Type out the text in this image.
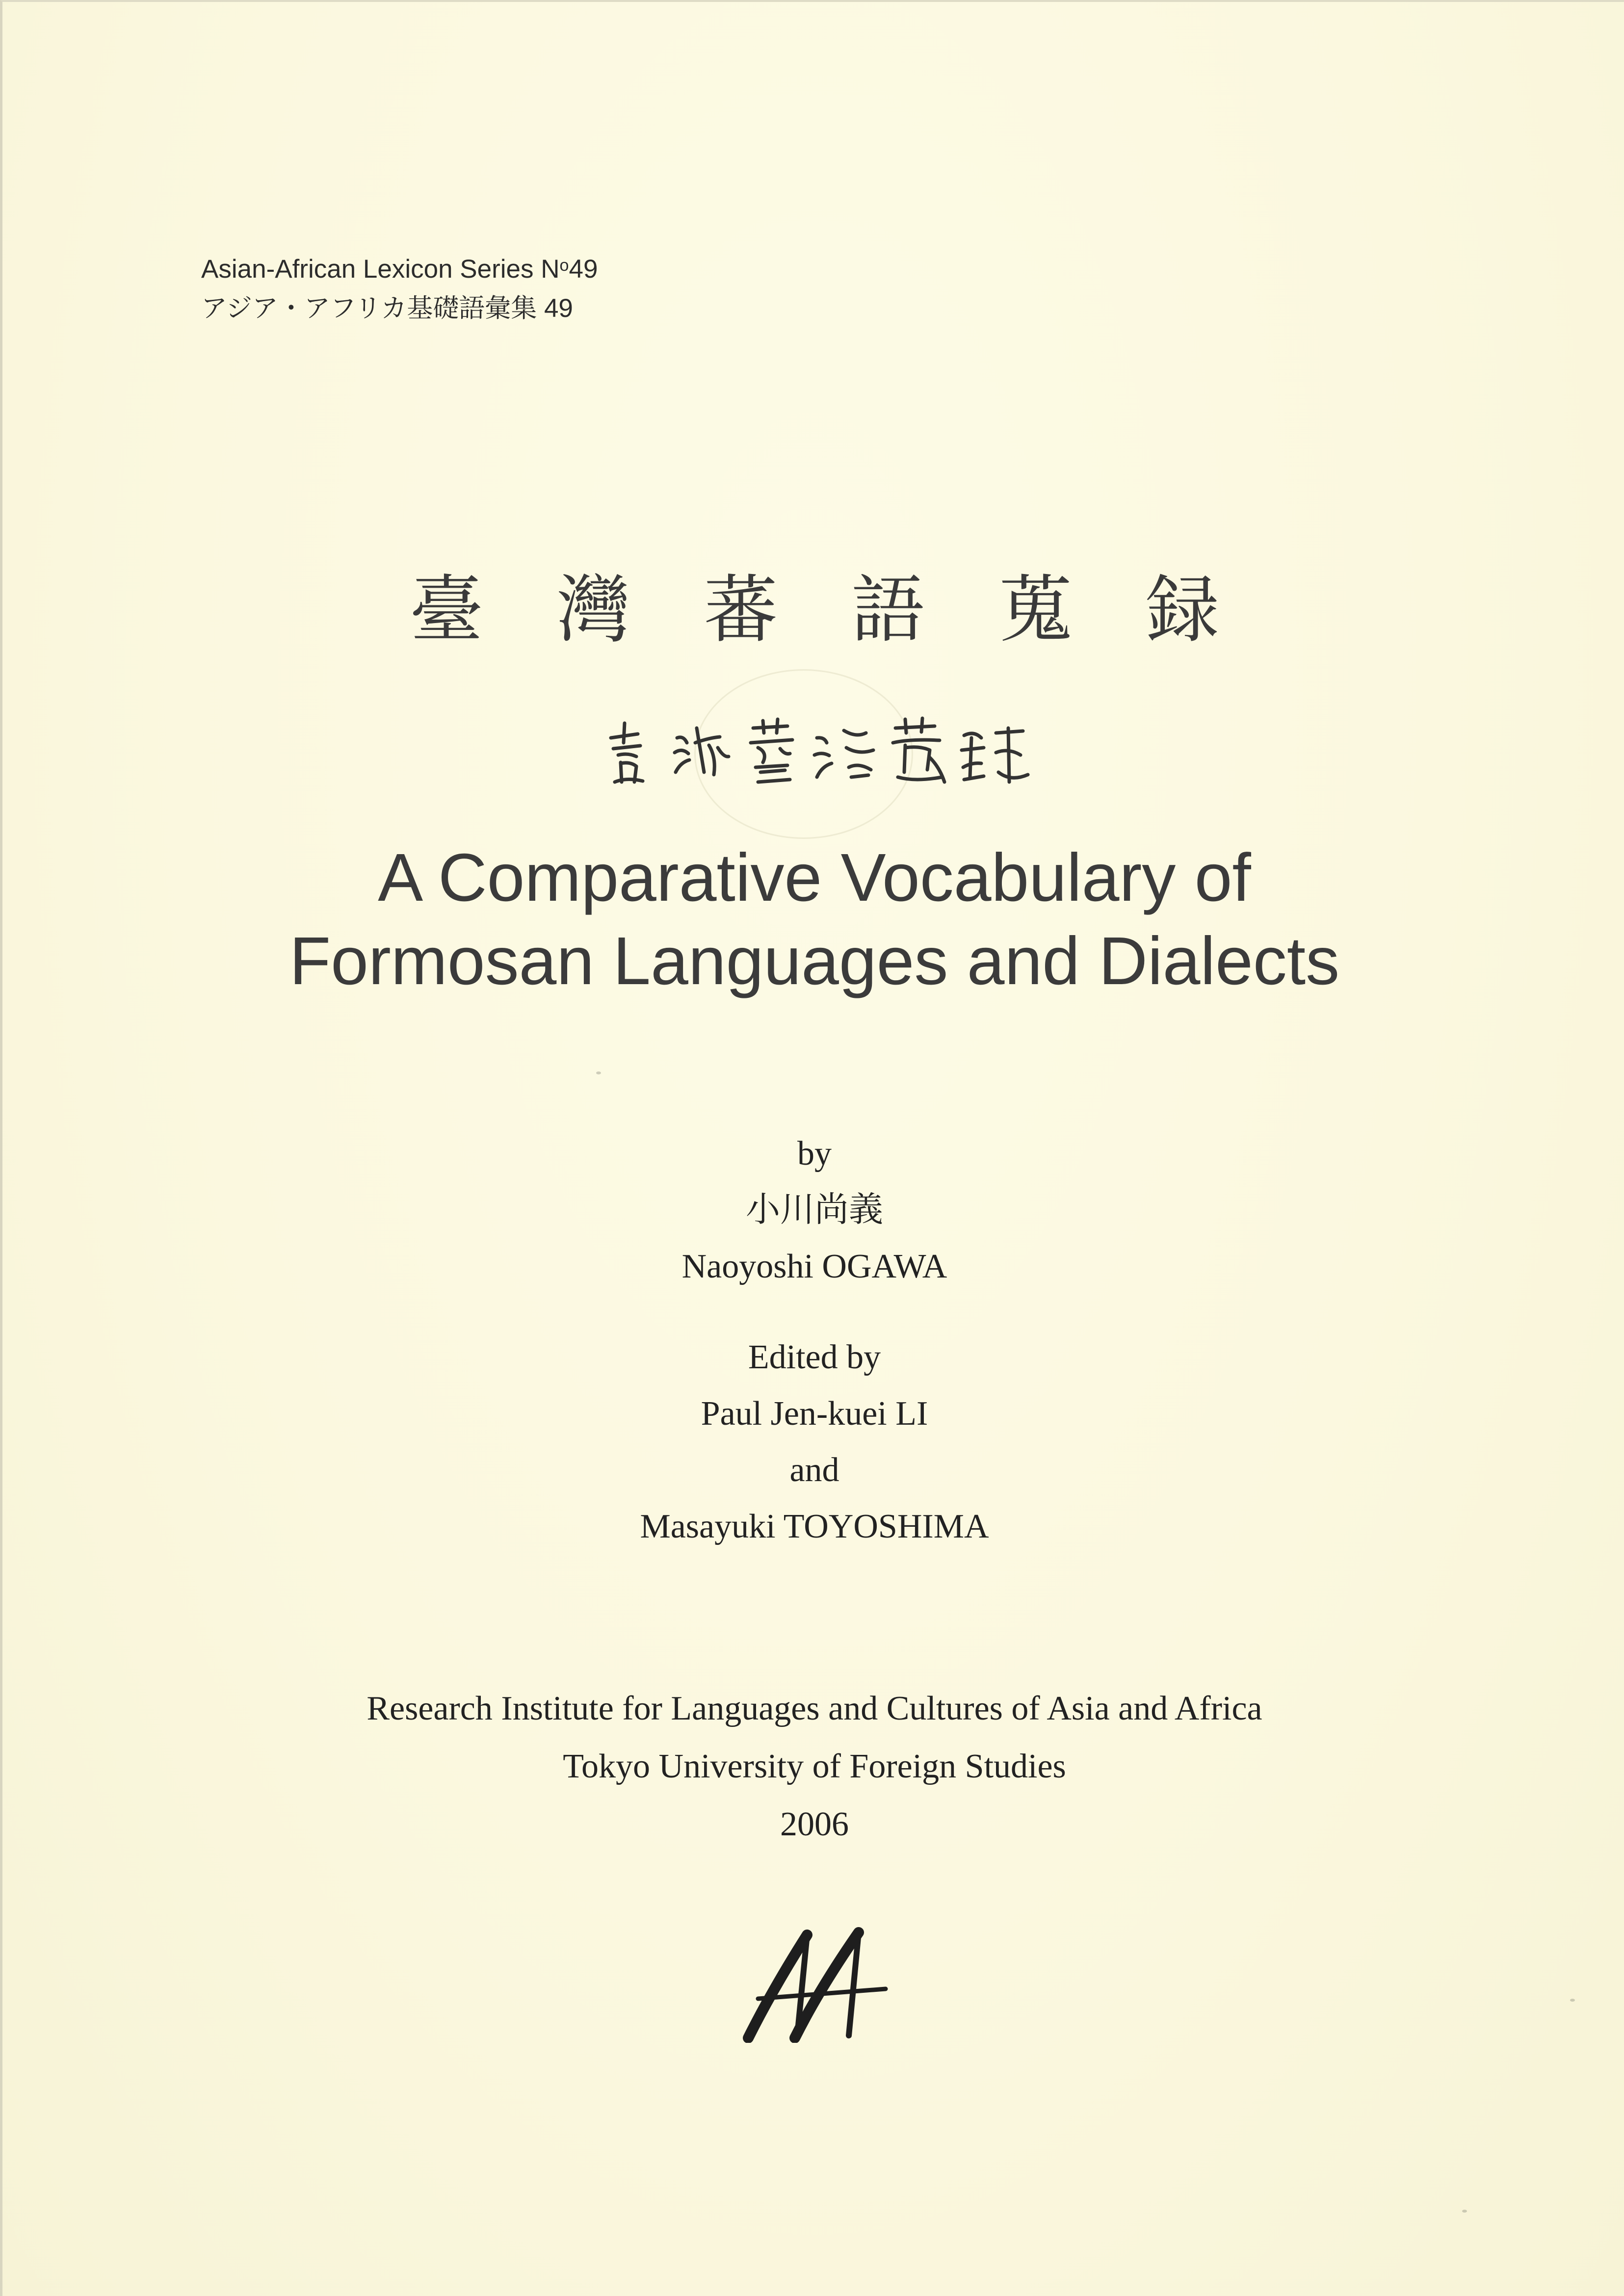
Asian-African Lexicon Series $N^o49$
アジア・アフリカ基礎語彙集 49
臺 灣 蕃 語 蒐 録
A Comparative Vocabulary of
Formosan Languages and Dialects
by
小川尚義
Naoyoshi OGAWA
Edited by
Paul Jen-kuei LI
and
Masayuki TOYOSHIMA
Research Institute for Languages and Cultures of Asia and Africa
Tokyo University of Foreign Studies
2006
